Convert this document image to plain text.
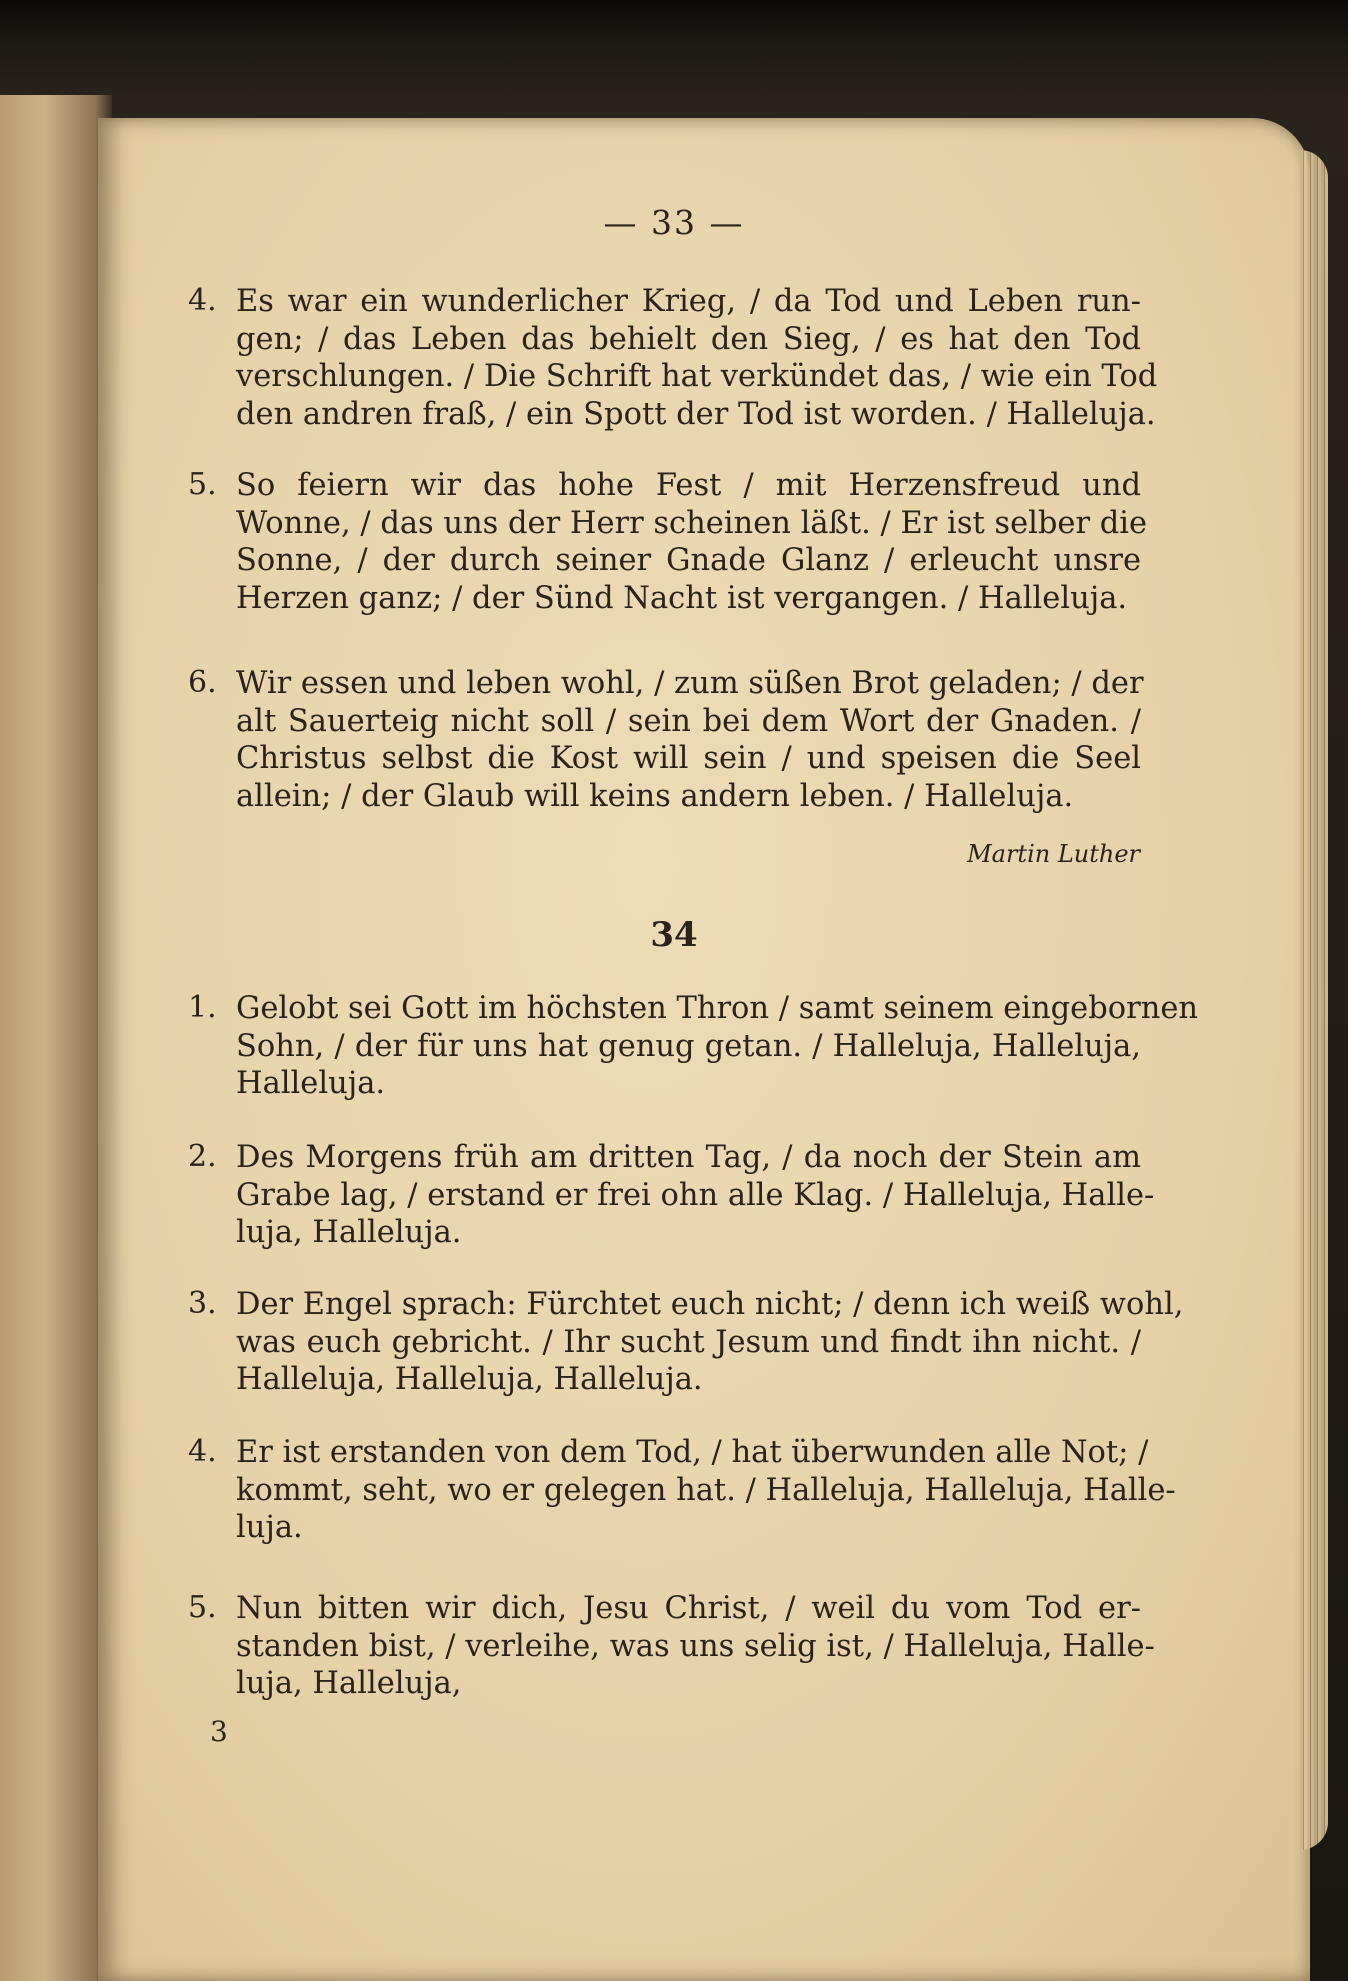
— 33 —
4. Es war ein wunderlicher Krieg, / da Tod und Leben run-
gen; / das Leben das behielt den Sieg, / es hat den Tod
verschlungen. / Die Schrift hat verkündet das, / wie ein Tod
den andren fraß, / ein Spott der Tod ist worden. / Halleluja.
5. So feiern wir das hohe Fest / mit Herzensfreud und
Wonne, / das uns der Herr scheinen läßt. / Er ist selber die
Sonne, / der durch seiner Gnade Glanz / erleucht unsre
Herzen ganz; / der Sünd Nacht ist vergangen. / Halleluja.
6. Wir essen und leben wohl, / zum süßen Brot geladen; / der
alt Sauerteig nicht soll / sein bei dem Wort der Gnaden. /
Christus selbst die Kost will sein / und speisen die Seel
allein; / der Glaub will keins andern leben. / Halleluja.
Martin Luther
34
1. Gelobt sei Gott im höchsten Thron / samt seinem eingebornen
Sohn, / der für uns hat genug getan. / Halleluja, Halleluja,
Halleluja.
2. Des Morgens früh am dritten Tag, / da noch der Stein am
Grabe lag, / erstand er frei ohn alle Klag. / Halleluja, Halle-
luja, Halleluja.
3. Der Engel sprach: Fürchtet euch nicht; / denn ich weiß wohl,
was euch gebricht. / Ihr sucht Jesum und findt ihn nicht. /
Halleluja, Halleluja, Halleluja.
4. Er ist erstanden von dem Tod, / hat überwunden alle Not; /
kommt, seht, wo er gelegen hat. / Halleluja, Halleluja, Halle-
luja.
5. Nun bitten wir dich, Jesu Christ, / weil du vom Tod er-
standen bist, / verleihe, was uns selig ist, / Halleluja, Halle-
luja, Halleluja,
3
